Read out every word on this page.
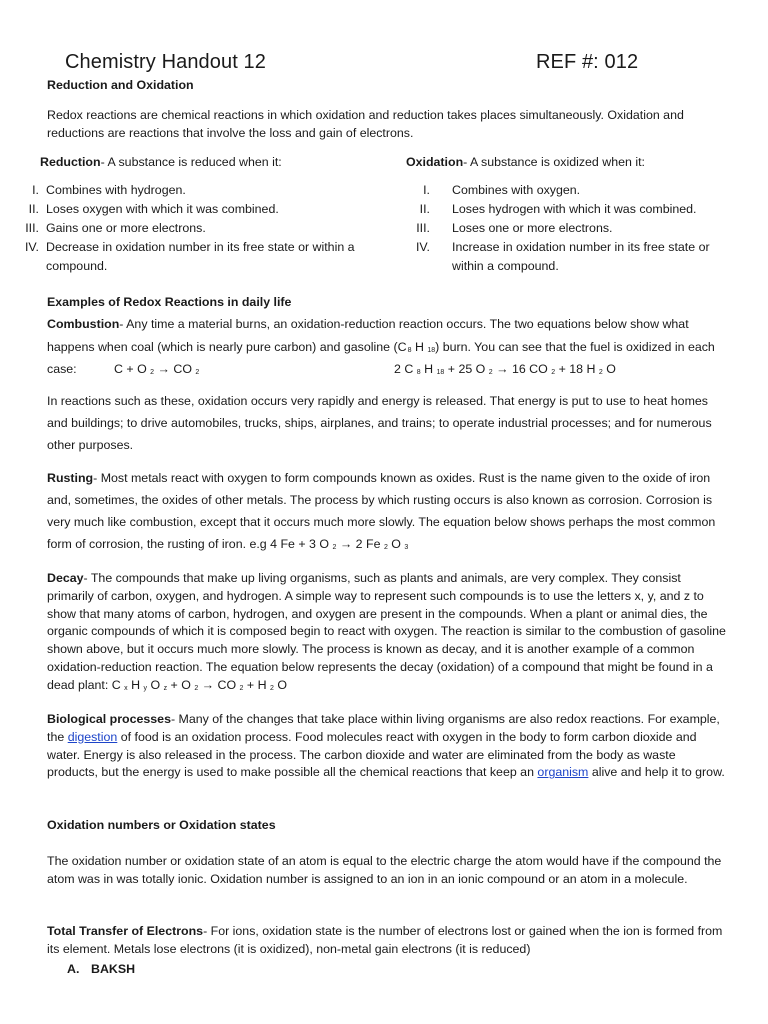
Chemistry Handout 12	REF #: 012
Reduction and Oxidation
Redox reactions are chemical reactions in which oxidation and reduction takes places simultaneously. Oxidation and reductions are reactions that involve the loss and gain of electrons.
Reduction- A substance is reduced when it:	Oxidation- A substance is oxidized when it:
I. Combines with hydrogen.
II. Loses oxygen with which it was combined.
III. Gains one or more electrons.
IV. Decrease in oxidation number in its free state or within a compound.
I. Combines with oxygen.
II. Loses hydrogen with which it was combined.
III. Loses one or more electrons.
IV. Increase in oxidation number in its free state or within a compound.
Examples of Redox Reactions in daily life
Combustion- Any time a material burns, an oxidation-reduction reaction occurs. The two equations below show what
happens when coal (which is nearly pure carbon) and gasoline (C 8 H 18) burn. You can see that the fuel is oxidized in each
case:	C + O 2 → CO 2	2 C 8 H 18 + 25 O 2 → 16 CO 2 + 18 H 2 O
In reactions such as these, oxidation occurs very rapidly and energy is released. That energy is put to use to heat homes and buildings; to drive automobiles, trucks, ships, airplanes, and trains; to operate industrial processes; and for numerous other purposes.
Rusting- Most metals react with oxygen to form compounds known as oxides. Rust is the name given to the oxide of iron and, sometimes, the oxides of other metals. The process by which rusting occurs is also known as corrosion. Corrosion is very much like combustion, except that it occurs much more slowly. The equation below shows perhaps the most common form of corrosion, the rusting of iron. e.g 4 Fe + 3 O 2 → 2 Fe 2 O 3
Decay- The compounds that make up living organisms, such as plants and animals, are very complex. They consist primarily of carbon, oxygen, and hydrogen. A simple way to represent such compounds is to use the letters x, y, and z to show that many atoms of carbon, hydrogen, and oxygen are present in the compounds. When a plant or animal dies, the organic compounds of which it is composed begin to react with oxygen. The reaction is similar to the combustion of gasoline shown above, but it occurs much more slowly. The process is known as decay, and it is another example of a common oxidation-reduction reaction. The equation below represents the decay (oxidation) of a compound that might be found in a dead plant: C x H y O z + O 2 → CO 2 + H 2 O
Biological processes- Many of the changes that take place within living organisms are also redox reactions. For example, the digestion of food is an oxidation process. Food molecules react with oxygen in the body to form carbon dioxide and water. Energy is also released in the process. The carbon dioxide and water are eliminated from the body as waste products, but the energy is used to make possible all the chemical reactions that keep an organism alive and help it to grow.
Oxidation numbers or Oxidation states
The oxidation number or oxidation state of an atom is equal to the electric charge the atom would have if the compound the atom was in was totally ionic. Oxidation number is assigned to an ion in an ionic compound or an atom in a molecule.
Total Transfer of Electrons- For ions, oxidation state is the number of electrons lost or gained when the ion is formed from its element. Metals lose electrons (it is oxidized), non-metal gain electrons (it is reduced)
A. BAKSH
